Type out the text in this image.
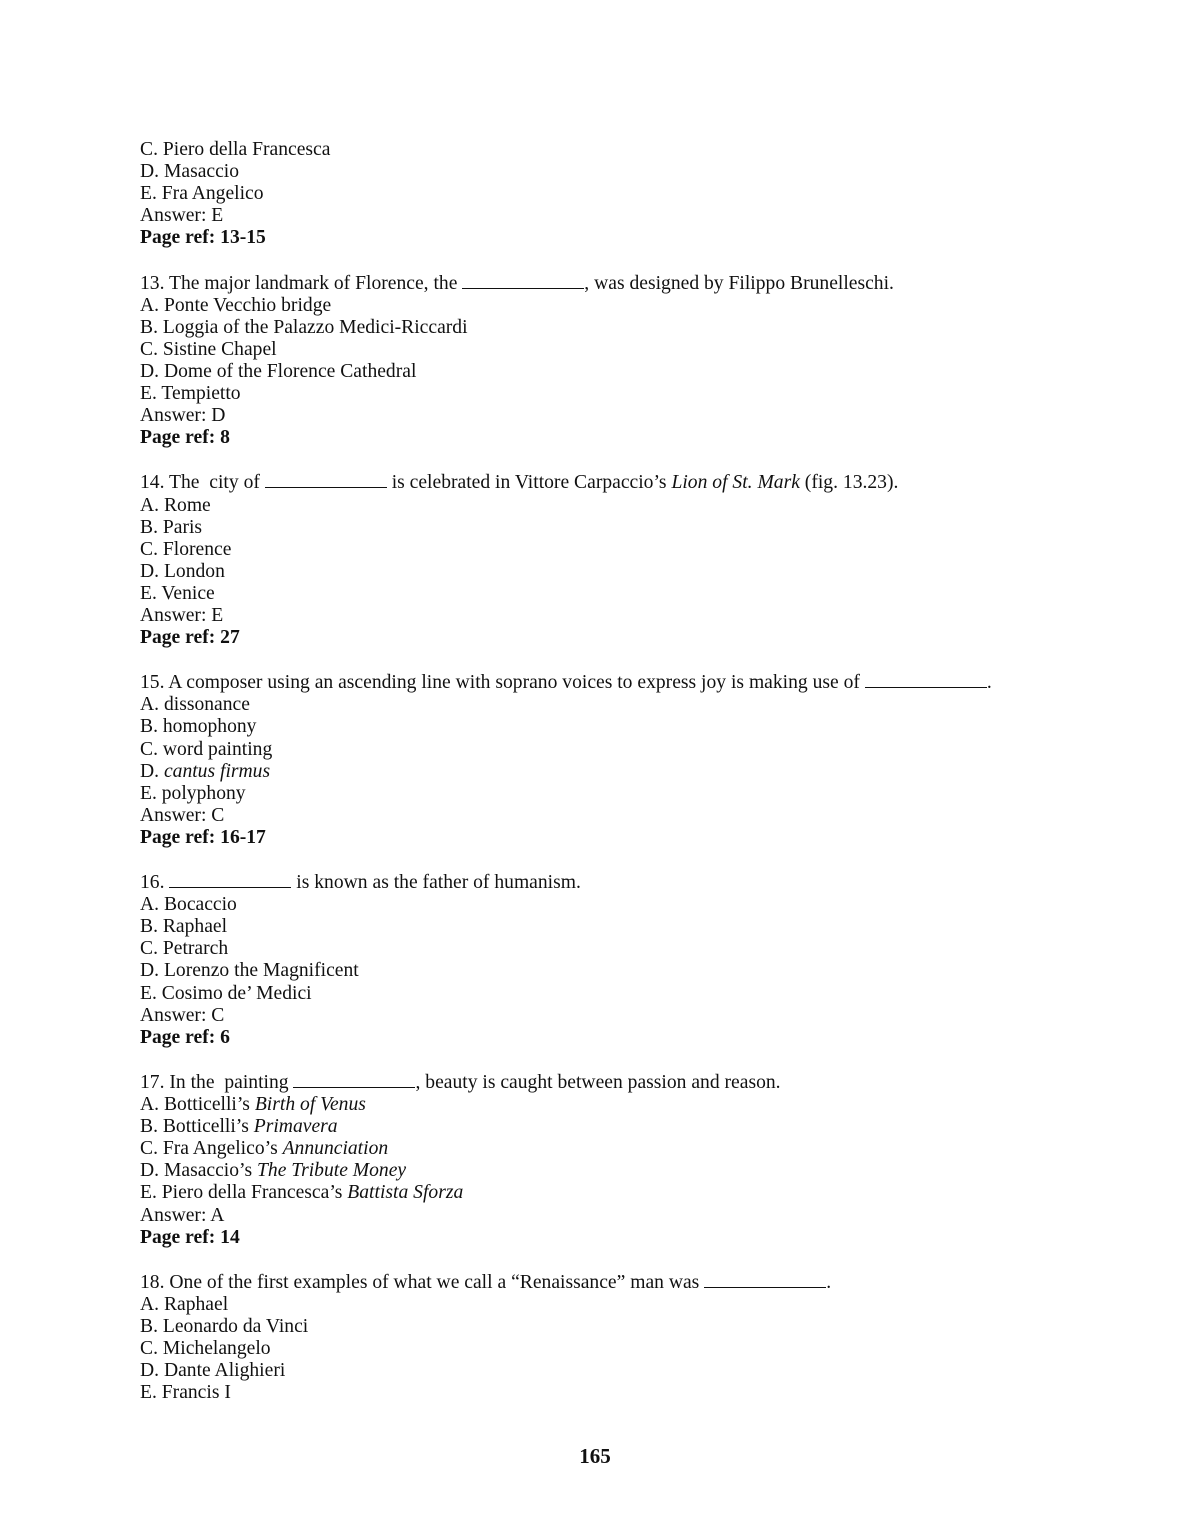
C. Piero della Francesca
D. Masaccio
E. Fra Angelico
Answer: E
Page ref: 13-15
13. The major landmark of Florence, the	, was designed by Filippo Brunelleschi.
A. Ponte Vecchio bridge
B. Loggia of the Palazzo Medici-Riccardi
C. Sistine Chapel
D. Dome of the Florence Cathedral
E. Tempietto
Answer: D
Page ref: 8
14. The  city of	is celebrated in Vittore Carpaccio’s Lion of St. Mark (fig. 13.23).
A. Rome
B. Paris
C. Florence
D. London
E. Venice
Answer: E
Page ref: 27
15. A composer using an ascending line with soprano voices to express joy is making use of	.
A. dissonance
B. homophony
C. word painting
D. cantus firmus
E. polyphony
Answer: C
Page ref: 16-17
16.	is known as the father of humanism.
A. Bocaccio
B. Raphael
C. Petrarch
D. Lorenzo the Magnificent
E. Cosimo de’ Medici
Answer: C
Page ref: 6
17. In the  painting	, beauty is caught between passion and reason.
A. Botticelli’s Birth of Venus
B. Botticelli’s Primavera
C. Fra Angelico’s Annunciation
D. Masaccio’s The Tribute Money
E. Piero della Francesca’s Battista Sforza
Answer: A
Page ref: 14
18. One of the first examples of what we call a “Renaissance” man was	.
A. Raphael
B. Leonardo da Vinci
C. Michelangelo
D. Dante Alighieri
E. Francis I
165
